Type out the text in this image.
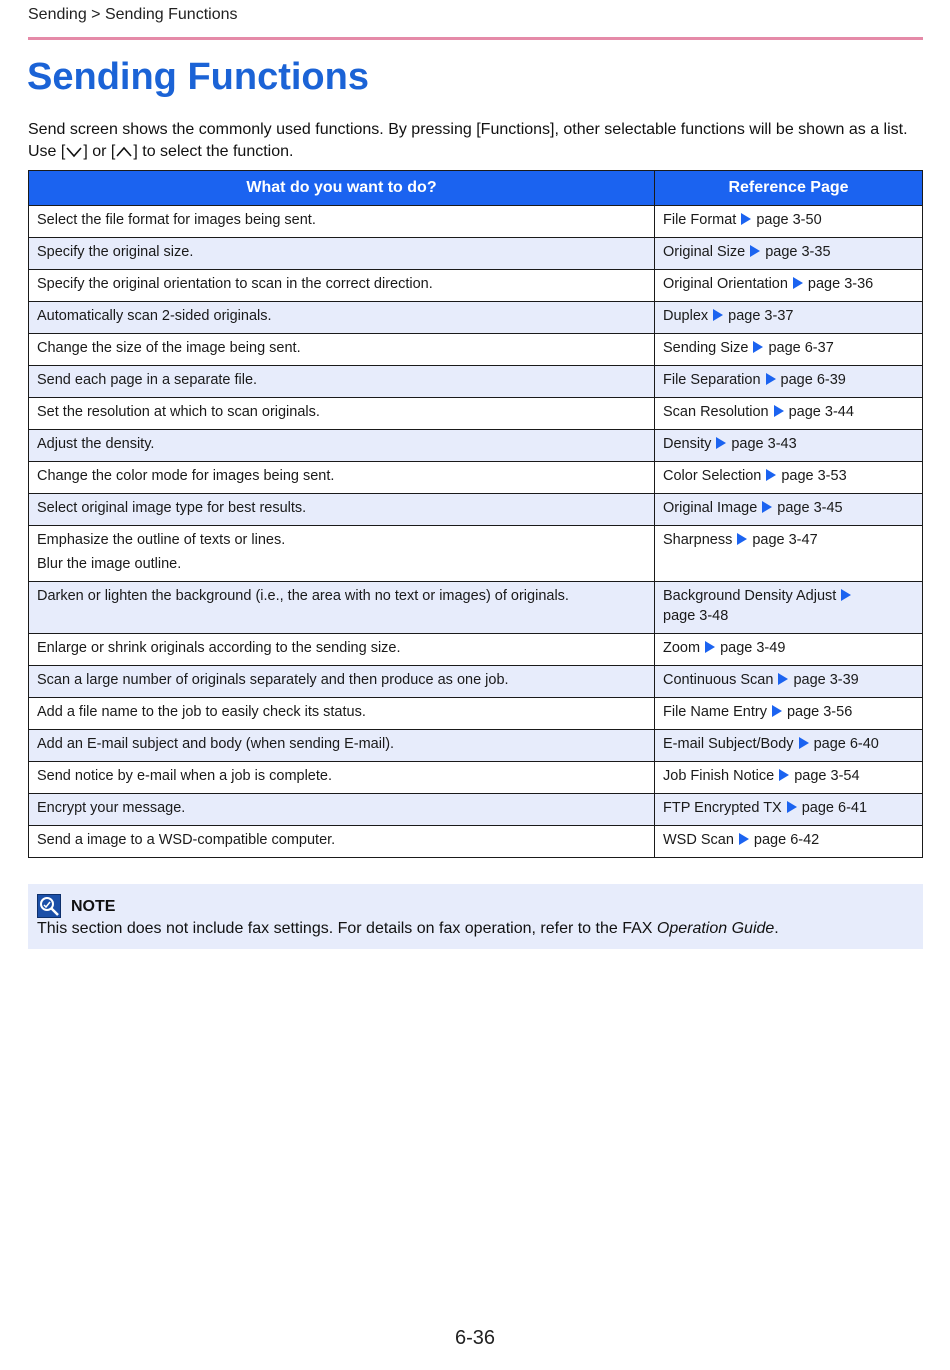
Sending > Sending Functions
Sending Functions
Send screen shows the commonly used functions. By pressing [Functions], other selectable functions will be shown as a list. Use [ ] or [ ] to select the function.
What do you want to do?	Reference Page
Select the file format for images being sent.	File Format page 3-50
Specify the original size.	Original Size page 3-35
Specify the original orientation to scan in the correct direction.	Original Orientation page 3-36
Automatically scan 2-sided originals.	Duplex page 3-37
Change the size of the image being sent.	Sending Size page 6-37
Send each page in a separate file.	File Separation page 6-39
Set the resolution at which to scan originals.	Scan Resolution page 3-44
Adjust the density.	Density page 3-43
Change the color mode for images being sent.	Color Selection page 3-53
Select original image type for best results.	Original Image page 3-45
Emphasize the outline of texts or lines.
Blur the image outline.	Sharpness page 3-47
Darken or lighten the background (i.e., the area with no text or images) of originals.	Background Density Adjust
page 3-48
Enlarge or shrink originals according to the sending size.	Zoom page 3-49
Scan a large number of originals separately and then produce as one job.	Continuous Scan page 3-39
Add a file name to the job to easily check its status.	File Name Entry page 3-56
Add an E-mail subject and body (when sending E-mail).	E-mail Subject/Body page 6-40
Send notice by e-mail when a job is complete.	Job Finish Notice page 3-54
Encrypt your message.	FTP Encrypted TX page 6-41
Send a image to a WSD-compatible computer.	WSD Scan page 6-42
NOTE
This section does not include fax settings. For details on fax operation, refer to the FAX Operation Guide.
6-36
